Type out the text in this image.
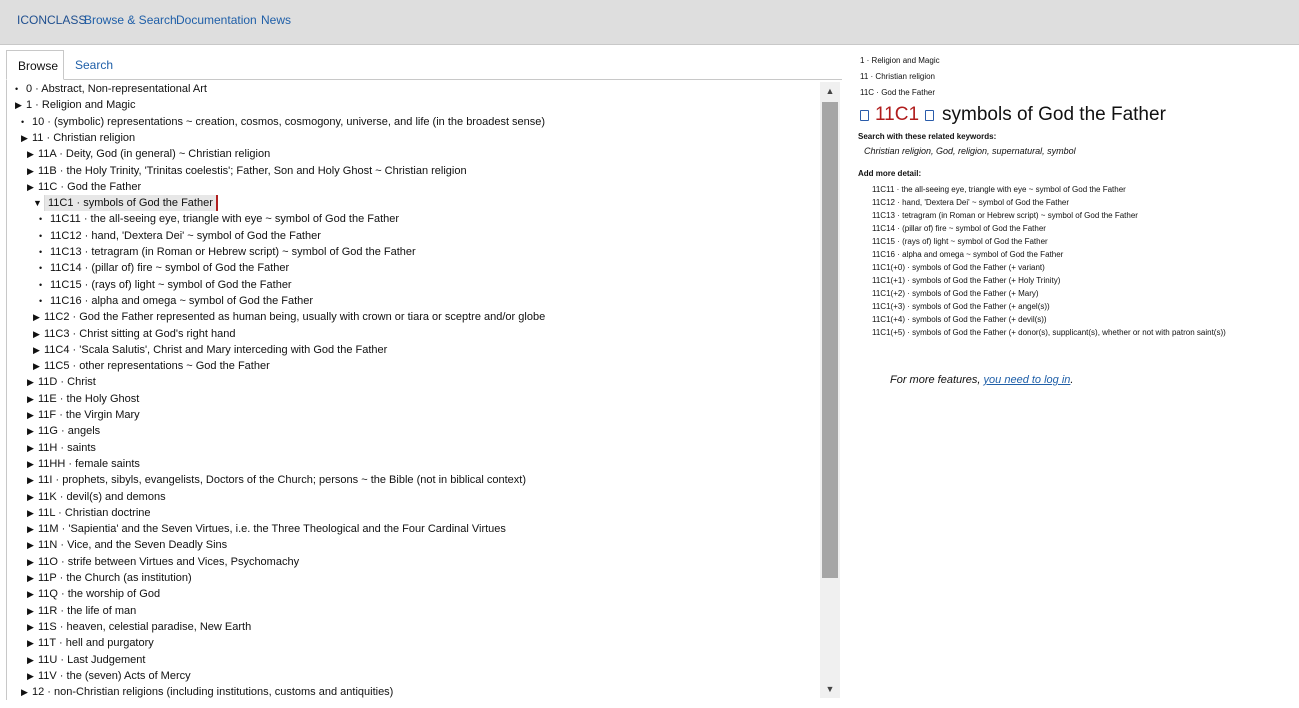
ICONCLASS
Browse & Search Documentation News
Browse	Search
• 0 · Abstract, Non-representational Art
▶ 1 · Religion and Magic
• 10 · (symbolic) representations ~ creation, cosmos, cosmogony, universe, and life (in the broadest sense)
▶ 11 · Christian religion
▶ 11A · Deity, God (in general) ~ Christian religion
▶ 11B · the Holy Trinity, 'Trinitas coelestis'; Father, Son and Holy Ghost ~ Christian religion
▶ 11C · God the Father
▼ 11C1 · symbols of God the Father
• 11C11 · the all-seeing eye, triangle with eye ~ symbol of God the Father
• 11C12 · hand, 'Dextera Dei' ~ symbol of God the Father
• 11C13 · tetragram (in Roman or Hebrew script) ~ symbol of God the Father
• 11C14 · (pillar of) fire ~ symbol of God the Father
• 11C15 · (rays of) light ~ symbol of God the Father
• 11C16 · alpha and omega ~ symbol of God the Father
▶ 11C2 · God the Father represented as human being, usually with crown or tiara or sceptre and/or globe
▶ 11C3 · Christ sitting at God's right hand
▶ 11C4 · 'Scala Salutis', Christ and Mary interceding with God the Father
▶ 11C5 · other representations ~ God the Father
▶ 11D · Christ
▶ 11E · the Holy Ghost
▶ 11F · the Virgin Mary
▶ 11G · angels
▶ 11H · saints
▶ 11HH · female saints
▶ 11I · prophets, sibyls, evangelists, Doctors of the Church; persons ~ the Bible (not in biblical context)
▶ 11K · devil(s) and demons
▶ 11L · Christian doctrine
▶ 11M · 'Sapientia' and the Seven Virtues, i.e. the Three Theological and the Four Cardinal Virtues
▶ 11N · Vice, and the Seven Deadly Sins
▶ 11O · strife between Virtues and Vices, Psychomachy
▶ 11P · the Church (as institution)
▶ 11Q · the worship of God
▶ 11R · the life of man
▶ 11S · heaven, celestial paradise, New Earth
▶ 11T · hell and purgatory
▶ 11U · Last Judgement
▶ 11V · the (seven) Acts of Mercy
▶ 12 · non-Christian religions (including institutions, customs and antiquities)
▲
▼
1 · Religion and Magic
11 · Christian religion
11C · God the Father
11C1 symbols of God the Father
Search with these related keywords:
Christian religion, God, religion, supernatural, symbol
Add more detail:
11C11 · the all-seeing eye, triangle with eye ~ symbol of God the Father
11C12 · hand, 'Dextera Dei' ~ symbol of God the Father
11C13 · tetragram (in Roman or Hebrew script) ~ symbol of God the Father
11C14 · (pillar of) fire ~ symbol of God the Father
11C15 · (rays of) light ~ symbol of God the Father
11C16 · alpha and omega ~ symbol of God the Father
11C1(+0) · symbols of God the Father (+ variant)
11C1(+1) · symbols of God the Father (+ Holy Trinity)
11C1(+2) · symbols of God the Father (+ Mary)
11C1(+3) · symbols of God the Father (+ angel(s))
11C1(+4) · symbols of God the Father (+ devil(s))
11C1(+5) · symbols of God the Father (+ donor(s), supplicant(s), whether or not with patron saint(s))
For more features, you need to log in.
